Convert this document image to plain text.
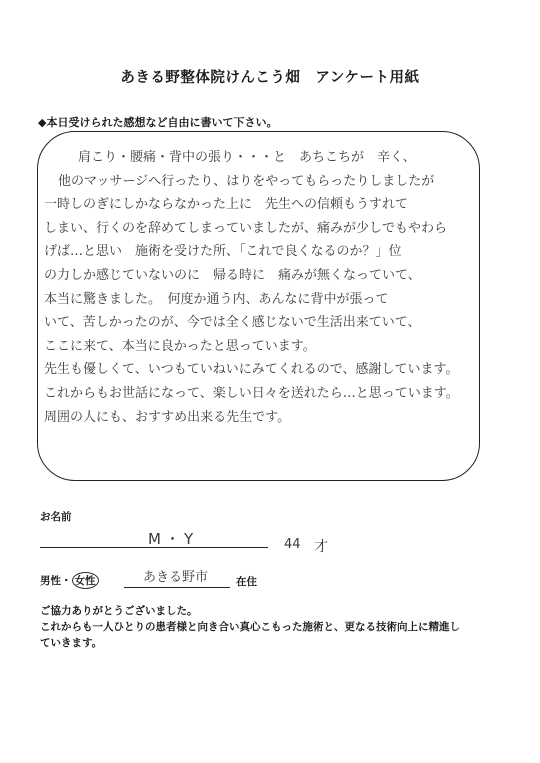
あきる野整体院けんこう畑　アンケート用紙
◆本日受けられた感想など自由に書いて下さい。
肩こり・腰痛・背中の張り・・・と　あちこちが　辛く、
他のマッサージへ行ったり、はりをやってもらったりしましたが
一時しのぎにしかならなかった上に　先生への信頼もうすれて
しまい、行くのを辞めてしまっていましたが、痛みが少しでもやわら
げば…と思い　施術を受けた所、「これで良くなるのか？」位
の力しか感じていないのに　帰る時に　痛みが無くなっていて、
本当に驚きました。　何度か通う内、あんなに背中が張って
いて、苦しかったのが、今では全く感じないで生活出来ていて、
ここに来て、本当に良かったと思っています。
先生も優しくて、いつもていねいにみてくれるので、感謝しています。
これからもお世話になって、楽しい日々を送れたら…と思っています。
周囲の人にも、おすすめ出来る先生です。
お名前
M・Y	44 才
男性・ 女性	あきる野市	在住
ご協力ありがとうございました。
これからも一人ひとりの患者様と向き合い真心こもった施術と、更なる技術向上に精進し
ていきます。
